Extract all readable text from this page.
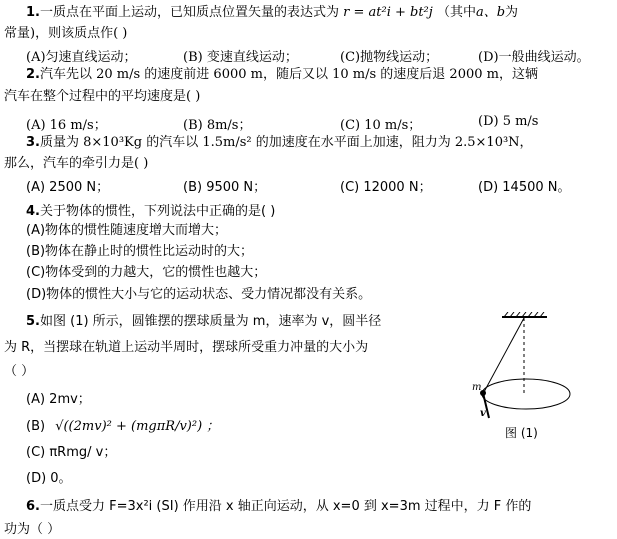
1.一质点在平面上运动，已知质点位置矢量的表达式为 r = at²i + bt²j （其中a、b为
常量)，则该质点作( )
(A)匀速直线运动；	(B) 变速直线运动；	(C)抛物线运动；	(D)一般曲线运动。
2.汽车先以 20 m/s 的速度前进 6000 m，随后又以 10 m/s 的速度后退 2000 m，这辆
汽车在整个过程中的平均速度是( )
(A) 16 m/s；	(B) 8m/s；	(C) 10 m/s；	(D) 5 m/s
3.质量为 8×10³Kg 的汽车以 1.5m/s² 的加速度在水平面上加速，阻力为 2.5×10³N，
那么，汽车的牵引力是( )
(A) 2500 N；	(B) 9500 N；	(C) 12000 N；	(D) 14500 N。
4.关于物体的惯性，下列说法中正确的是( )
(A)物体的惯性随速度增大而增大；
(B)物体在静止时的惯性比运动时的大；
(C)物体受到的力越大，它的惯性也越大；
(D)物体的惯性大小与它的运动状态、受力情况都没有关系。
5.如图 (1) 所示，圆锥摆的摆球质量为 m，速率为 v，圆半径
为 R，当摆球在轨道上运动半周时，摆球所受重力冲量的大小为
（ ）
(A) 2mv；
(B) √((2mv)² + (mgπR/v)²) ；
(C) πRmg/ v；
(D) 0。
m
v
图 (1)
6.一质点受力 F=3x²i (SI) 作用沿 x 轴正向运动，从 x=0 到 x=3m 过程中，力 F 作的
功为（ ）
